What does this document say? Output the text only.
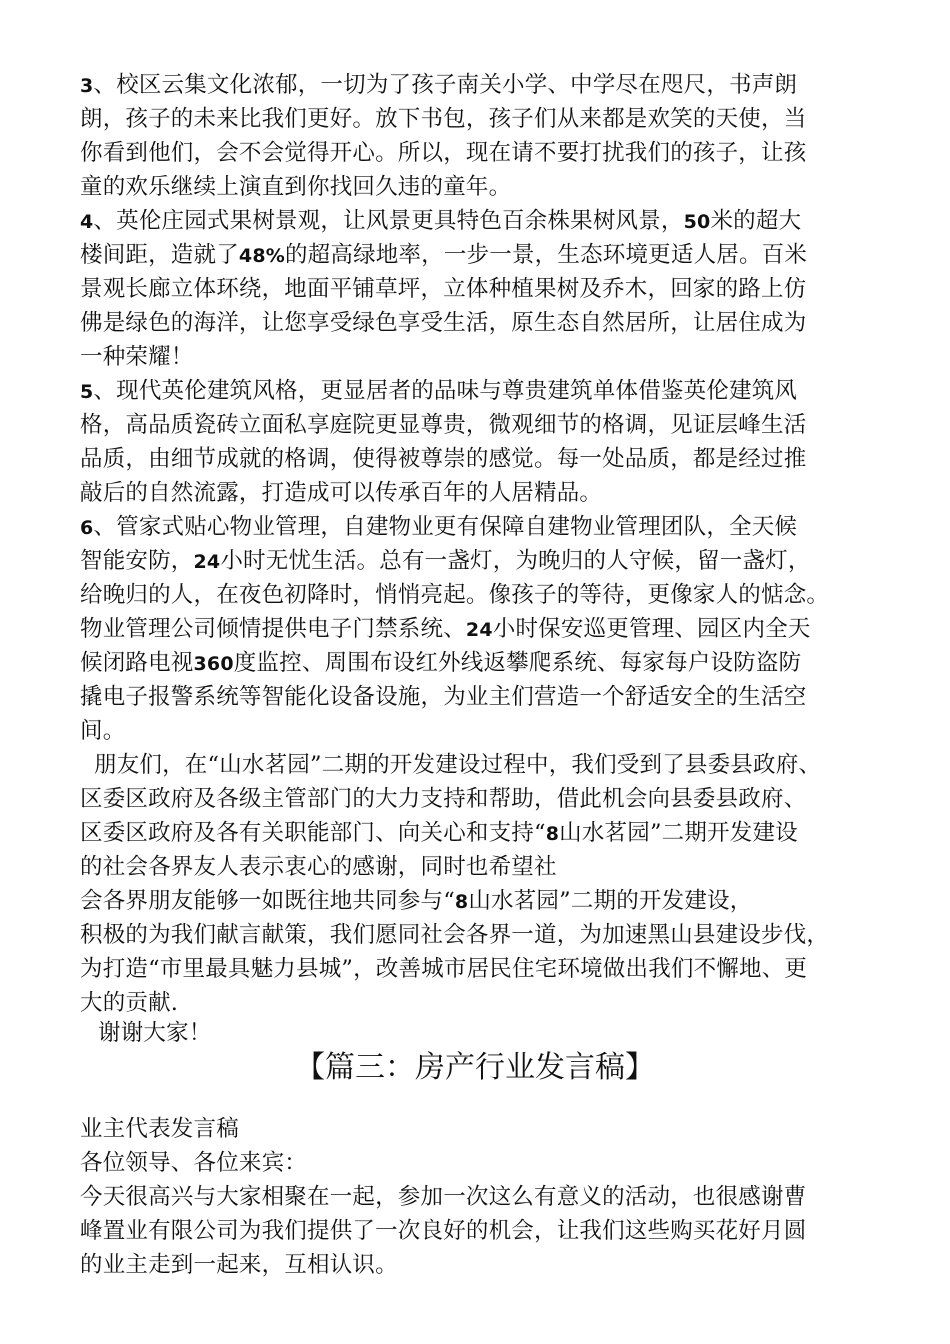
3、校区云集文化浓郁，一切为了孩子南关小学、中学尽在咫尺，书声朗
朗，孩子的未来比我们更好。放下书包，孩子们从来都是欢笑的天使，当
你看到他们，会不会觉得开心。所以，现在请不要打扰我们的孩子，让孩
童的欢乐继续上演直到你找回久违的童年。
4、英伦庄园式果树景观，让风景更具特色百余株果树风景，50米的超大
楼间距，造就了48%的超高绿地率，一步一景，生态环境更适人居。百米
景观长廊立体环绕，地面平铺草坪，立体种植果树及乔木，回家的路上仿
佛是绿色的海洋，让您享受绿色享受生活，原生态自然居所，让居住成为
一种荣耀！
5、现代英伦建筑风格，更显居者的品味与尊贵建筑单体借鉴英伦建筑风
格，高品质瓷砖立面私享庭院更显尊贵，微观细节的格调，见证层峰生活
品质，由细节成就的格调，使得被尊崇的感觉。每一处品质，都是经过推
敲后的自然流露，打造成可以传承百年的人居精品。
6、管家式贴心物业管理，自建物业更有保障自建物业管理团队，全天候
智能安防，24小时无忧生活。总有一盏灯，为晚归的人守候，留一盏灯，
给晚归的人，在夜色初降时，悄悄亮起。像孩子的等待，更像家人的惦念。
物业管理公司倾情提供电子门禁系统、24小时保安巡更管理、园区内全天
候闭路电视360度监控、周围布设红外线返攀爬系统、每家每户设防盗防
撬电子报警系统等智能化设备设施，为业主们营造一个舒适安全的生活空
间。
朋友们，在“山水茗园”二期的开发建设过程中，我们受到了县委县政府、
区委区政府及各级主管部门的大力支持和帮助，借此机会向县委县政府、
区委区政府及各有关职能部门、向关心和支持“8山水茗园”二期开发建设
的社会各界友人表示衷心的感谢，同时也希望社
会各界朋友能够一如既往地共同参与“8山水茗园”二期的开发建设，
积极的为我们献言献策，我们愿同社会各界一道，为加速黑山县建设步伐，
为打造“市里最具魅力县城”，改善城市居民住宅环境做出我们不懈地、更
大的贡献.
谢谢大家！
【篇三：房产行业发言稿】
业主代表发言稿
各位领导、各位来宾：
今天很高兴与大家相聚在一起，参加一次这么有意义的活动，也很感谢曹
峰置业有限公司为我们提供了一次良好的机会，让我们这些购买花好月圆
的业主走到一起来，互相认识。
